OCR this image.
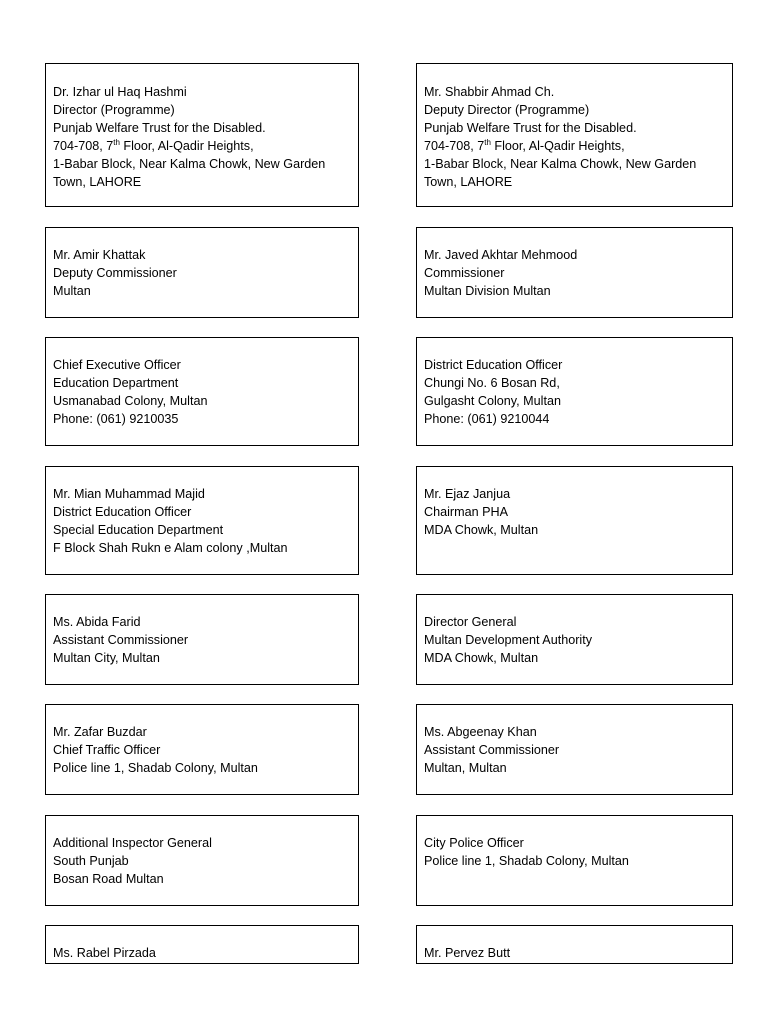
Dr. Izhar ul Haq Hashmi
Director (Programme)
Punjab Welfare Trust for the Disabled.
704-708, 7th Floor, Al-Qadir Heights,
1-Babar Block, Near Kalma Chowk, New Garden
Town, LAHORE
Mr. Shabbir Ahmad Ch.
Deputy Director (Programme)
Punjab Welfare Trust for the Disabled.
704-708, 7th Floor, Al-Qadir Heights,
1-Babar Block, Near Kalma Chowk, New Garden
Town, LAHORE
Mr. Amir Khattak
Deputy Commissioner
Multan
Mr. Javed Akhtar Mehmood
Commissioner
Multan Division Multan
Chief Executive Officer
Education Department
Usmanabad Colony, Multan
Phone: (061) 9210035
District Education Officer
Chungi No. 6 Bosan Rd,
Gulgasht Colony, Multan
Phone: (061) 9210044
Mr. Mian Muhammad Majid
District Education Officer
Special Education Department
F Block Shah Rukn e Alam colony ,Multan
Mr. Ejaz Janjua
Chairman PHA
MDA Chowk, Multan
Ms. Abida Farid
Assistant Commissioner
Multan City, Multan
Director General
Multan Development Authority
MDA Chowk, Multan
Mr. Zafar Buzdar
Chief Traffic Officer
Police line 1, Shadab Colony, Multan
Ms. Abgeenay Khan
Assistant Commissioner
Multan, Multan
Additional Inspector General
South Punjab
Bosan Road Multan
City Police Officer
Police line 1, Shadab Colony, Multan
Ms. Rabel Pirzada	Mr. Pervez Butt
